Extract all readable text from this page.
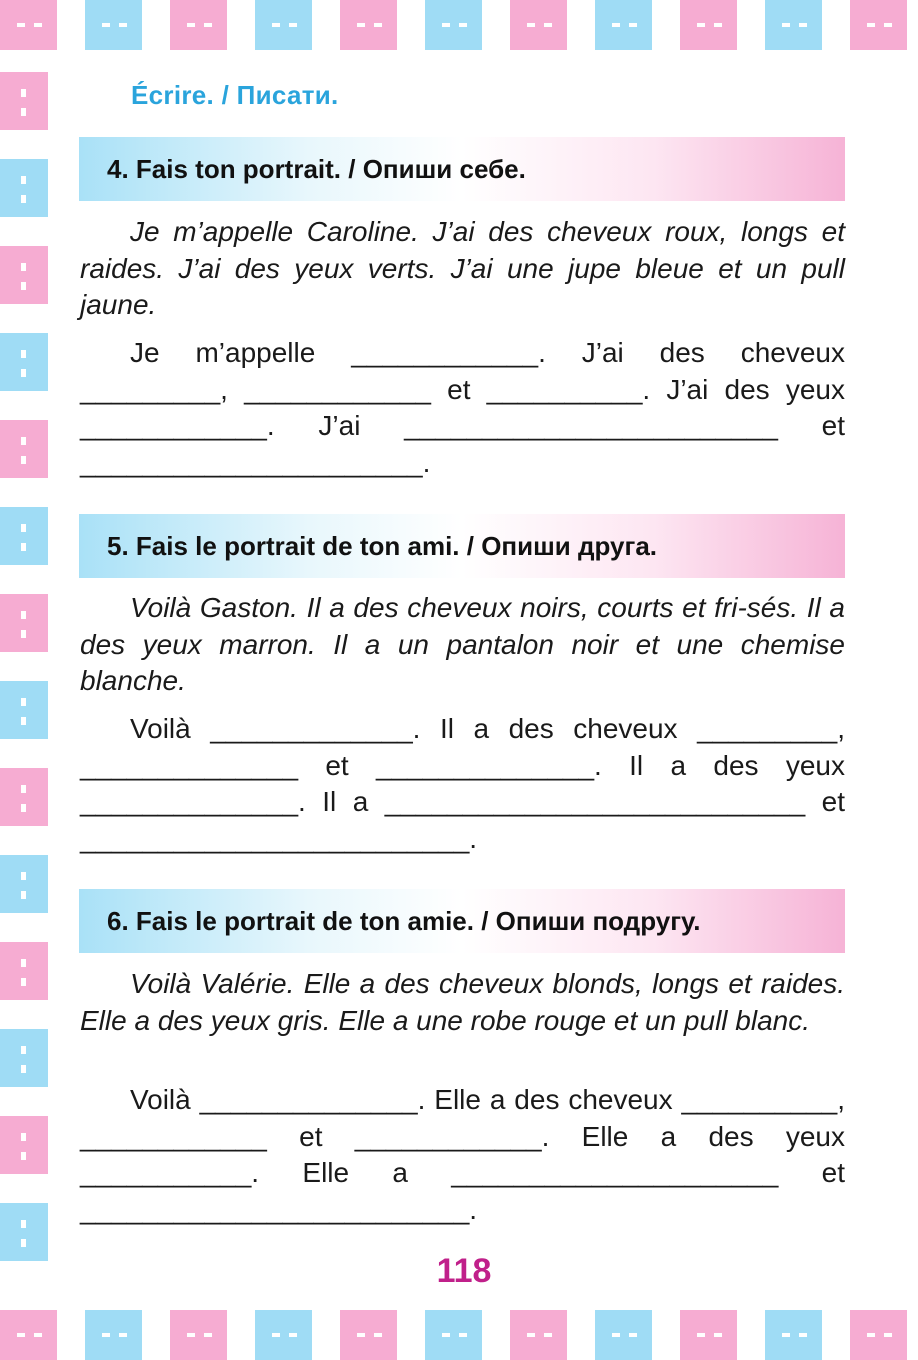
Écrire. / Писати.
4. Fais ton portrait. / Опиши себе.

Je m’appelle Caroline. J’ai des cheveux roux, longs et raides. J’ai des yeux verts. J’ai une jupe bleue et un pull jaune.

Je m’appelle ____________. J’ai des cheveux _________, ____________ et __________. J’ai des yeux ____________. J’ai ________________________ et ______________________.

5. Fais le portrait de ton ami. / Опиши друга.

Voilà Gaston. Il a des cheveux noirs, courts et fri-sés. Il a des yeux marron. Il a un pantalon noir et une chemise blanche.

Voilà _____________. Il a des cheveux _________, ______________ et ______________. Il a des yeux ______________. Il a ___________________________ et _________________________.

6. Fais le portrait de ton amie. / Опиши подругу.

Voilà Valérie. Elle a des cheveux blonds, longs et raides. Elle a des yeux gris. Elle a une robe rouge et un pull blanc.

Voilà ______________. Elle a des cheveux __________, ____________ et ____________. Elle a des yeux ___________. Elle a _____________________ et _________________________.

118
